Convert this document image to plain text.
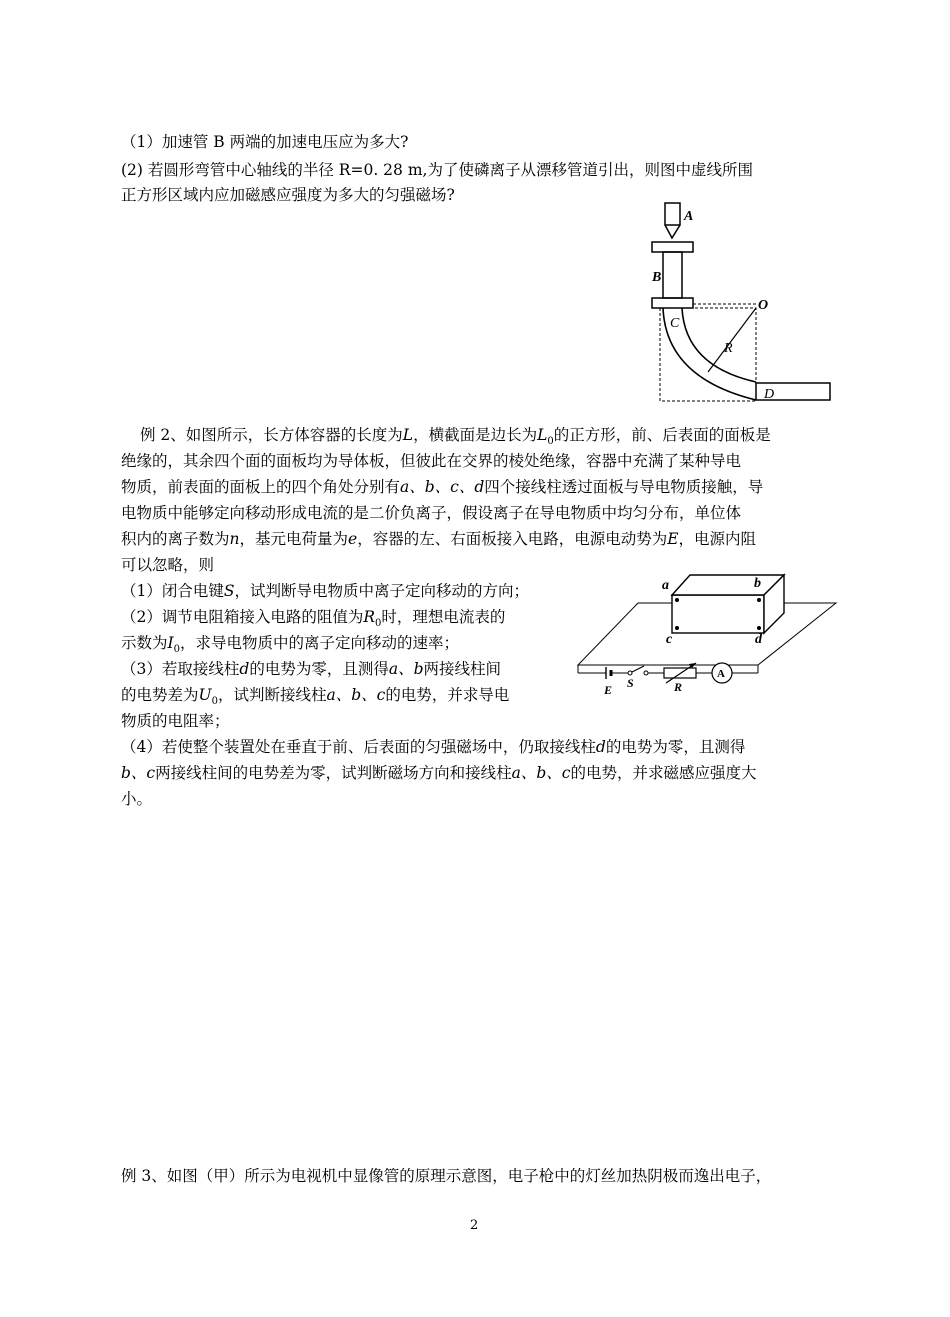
（1）加速管 B 两端的加速电压应为多大?
(2) 若圆形弯管中心轴线的半径 R=0. 28 m,为了使磷离子从漂移管道引出，则图中虚线所围
正方形区域内应加磁感应强度为多大的匀强磁场?
A
B
C
O
R
D
例 2、如图所示，长方体容器的长度为L，横截面是边长为$L_0$的正方形，前、后表面的面板是
绝缘的，其余四个面的面板均为导体板，但彼此在交界的棱处绝缘，容器中充满了某种导电
物质，前表面的面板上的四个角处分别有a、b、c、d四个接线柱透过面板与导电物质接触，导
电物质中能够定向移动形成电流的是二价负离子，假设离子在导电物质中均匀分布，单位体
积内的离子数为n，基元电荷量为e，容器的左、右面板接入电路，电源电动势为E，电源内阻
可以忽略，则
（1）闭合电键S，试判断导电物质中离子定向移动的方向；
（2）调节电阻箱接入电路的阻值为$R_0$时，理想电流表的
示数为$I_0$，求导电物质中的离子定向移动的速率；
（3）若取接线柱d的电势为零，且测得a、b两接线柱间
的电势差为$U_0$，试判断接线柱a、b、c的电势，并求导电
物质的电阻率；
（4）若使整个装置处在垂直于前、后表面的匀强磁场中，仍取接线柱d的电势为零，且测得
b、c两接线柱间的电势差为零，试判断磁场方向和接线柱a、b、c的电势，并求磁感应强度大
小。
a	b
c	d
E S	R
A
例 3、如图（甲）所示为电视机中显像管的原理示意图，电子枪中的灯丝加热阴极而逸出电子，
2
